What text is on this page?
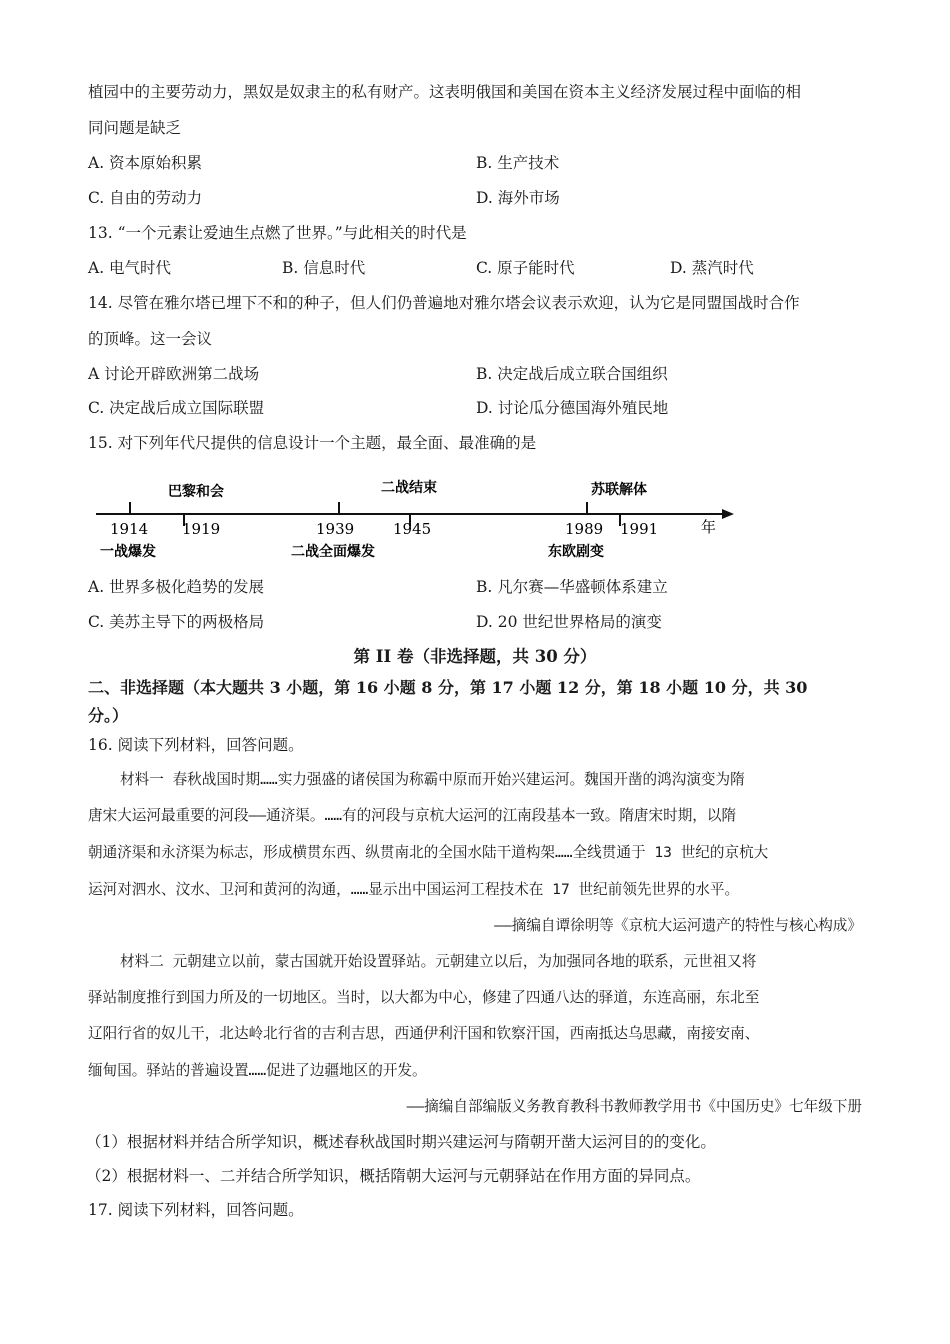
植园中的主要劳动力，黑奴是奴隶主的私有财产。这表明俄国和美国在资本主义经济发展过程中面临的相
同问题是缺乏
A. 资本原始积累	B. 生产技术
C. 自由的劳动力	D. 海外市场
13. “一个元素让爱迪生点燃了世界。”与此相关的时代是
A. 电气时代	B. 信息时代	C. 原子能时代	D. 蒸汽时代
14. 尽管在雅尔塔已埋下不和的种子，但人们仍普遍地对雅尔塔会议表示欢迎，认为它是同盟国战时合作
的顶峰。这一会议
A 讨论开辟欧洲第二战场	B. 决定战后成立联合国组织
C. 决定战后成立国际联盟	D. 讨论瓜分德国海外殖民地
15. 对下列年代尺提供的信息设计一个主题，最全面、最准确的是
巴黎和会	二战结束	苏联解体
1914 1919	1939	1945	1989 1991	年
一战爆发	二战全面爆发	东欧剧变
A. 世界多极化趋势的发展	B. 凡尔赛—华盛顿体系建立
C. 美苏主导下的两极格局	D. 20 世纪世界格局的演变
第 II 卷（非选择题，共 30 分）
二、非选择题（本大题共 3 小题，第 16 小题 8 分，第 17 小题 12 分，第 18 小题 10 分，共 30
分。）
16. 阅读下列材料，回答问题。
材料一 春秋战国时期……实力强盛的诸侯国为称霸中原而开始兴建运河。魏国开凿的鸿沟演变为隋
唐宋大运河最重要的河段——通济渠。……有的河段与京杭大运河的江南段基本一致。隋唐宋时期，以隋
朝通济渠和永济渠为标志，形成横贯东西、纵贯南北的全国水陆干道构架……全线贯通于 13 世纪的京杭大
运河对泗水、汶水、卫河和黄河的沟通，……显示出中国运河工程技术在 17 世纪前领先世界的水平。
——摘编自谭徐明等《京杭大运河遗产的特性与核心构成》
材料二 元朝建立以前，蒙古国就开始设置驿站。元朝建立以后，为加强同各地的联系，元世祖又将
驿站制度推行到国力所及的一切地区。当时，以大都为中心，修建了四通八达的驿道，东连高丽，东北至
辽阳行省的奴儿干，北达岭北行省的吉利吉思，西通伊利汗国和钦察汗国，西南抵达乌思藏，南接安南、
缅甸国。驿站的普遍设置……促进了边疆地区的开发。
——摘编自部编版义务教育教科书教师教学用书《中国历史》七年级下册
（1）根据材料并结合所学知识，概述春秋战国时期兴建运河与隋朝开凿大运河目的的变化。
（2）根据材料一、二并结合所学知识，概括隋朝大运河与元朝驿站在作用方面的异同点。
17. 阅读下列材料，回答问题。
